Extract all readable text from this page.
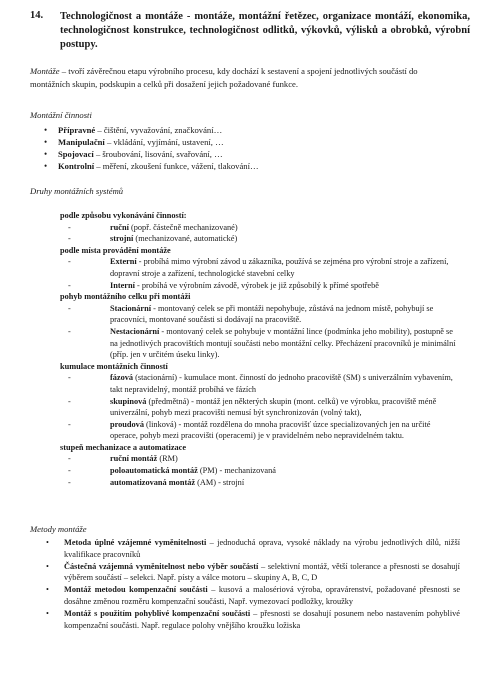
14. Technologičnost a montáže - montáže, montážní řetězec, organizace montáží, ekonomika, technologičnost konstrukce, technologičnost odlitků, výkovků, výlisků a obrobků, výrobní postupy.
Montáže – tvoří závěrečnou etapu výrobního procesu, kdy dochází k sestavení a spojení jednotlivých součástí do montážních skupin, podskupin a celků při dosažení jejich požadované funkce.
Montážní činnosti
• Přípravné – čištění, vyvažování, značkování…
• Manipulační – vkládání, vyjímání, ustavení, …
• Spojovací – šroubování, lisování, svařování, …
• Kontrolní – měření, zkoušení funkce, vážení, tlakování…
Druhy montážních systémů
podle způsobu vykonávání činností:
-	ruční (popř. částečně mechanizované)
-	strojní (mechanizované, automatické)
podle místa provádění montáže
-	Externí - probíhá mimo výrobní závod u zákazníka, používá se zejména pro výrobní stroje a zařízení, dopravní stroje a zařízení, technologické stavební celky
-	Interní - probíhá ve výrobním závodě, výrobek je již způsobilý k přímé spotřebě
pohyb montážního celku při montáži
-	Stacionární - montovaný celek se při montáži nepohybuje, zůstává na jednom místě, pohybují se pracovníci, montované součásti si dodávají na pracoviště.
-	Nestacionární - montovaný celek se pohybuje v montážní lince (podmínka jeho mobility), postupně se na jednotlivých pracovištích montují součásti nebo montážní celky. Přecházení pracovníků je minimální (příp. jen v určitém úseku linky).
kumulace montážních činností
-	fázová (stacionární) - kumulace mont. činností do jednoho pracoviště (SM) s univerzálním vybavením, takt nepravidelný, montáž probíhá ve fázích
-	skupinová (předmětná) - montáž jen některých skupin (mont. celků) ve výrobku, pracoviště méně univerzální, pohyb mezi pracovišti nemusí být synchronizován (volný takt),
-	proudová (linková) - montáž rozdělena do mnoha pracovišť úzce specializovaných jen na určité operace, pohyb mezi pracovišti (operacemi) je v pravidelném nebo nepravidelném taktu.
stupeň mechanizace a automatizace
-	ruční montáž (RM)
-	poloautomatická montáž (PM) - mechanizovaná
-	automatizovaná montáž (AM) - strojní
Metody montáže
• Metoda úplné vzájemné vyměnitelnosti – jednoduchá oprava, vysoké náklady na výrobu jednotlivých dílů, nižší kvalifikace pracovníků
• Částečná vzájemná vyměnitelnost nebo výběr součástí – selektivní montáž, větší tolerance a přesnosti se dosahují výběrem součástí – selekci. Např. písty a válce motoru – skupiny A, B, C, D
• Montáž metodou kompenzační součásti – kusová a malosériová výroba, opravárenství, požadované přesnosti se dosáhne změnou rozměru kompenzační součásti, Např. vymezovací podložky, kroužky
• Montáž s použitím pohyblivé kompenzační součásti – přesnosti se dosahují posunem nebo nastavením pohyblivé kompenzační součásti. Např. regulace polohy vnějšího kroužku ložiska
